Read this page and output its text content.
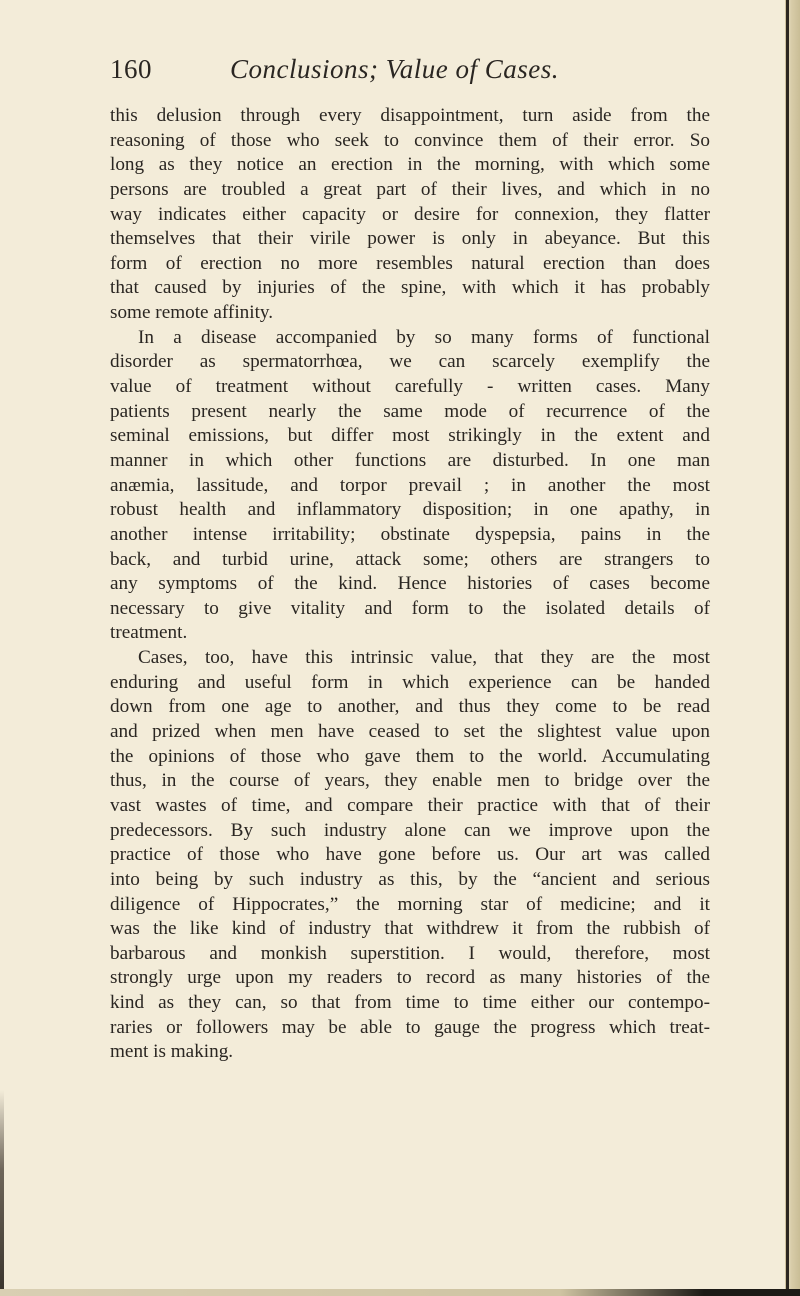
160	Conclusions; Value of Cases.
this delusion through every disappointment, turn aside from the
reasoning of those who seek to convince them of their error. So
long as they notice an erection in the morning, with which some
persons are troubled a great part of their lives, and which in no
way indicates either capacity or desire for connexion, they flatter
themselves that their virile power is only in abeyance. But this
form of erection no more resembles natural erection than does
that caused by injuries of the spine, with which it has probably
some remote affinity.
In a disease accompanied by so many forms of functional
disorder as spermatorrhœa, we can scarcely exemplify the
value of treatment without carefully - written cases. Many
patients present nearly the same mode of recurrence of the
seminal emissions, but differ most strikingly in the extent and
manner in which other functions are disturbed. In one man
anæmia, lassitude, and torpor prevail ; in another the most
robust health and inflammatory disposition; in one apathy, in
another intense irritability; obstinate dyspepsia, pains in the
back, and turbid urine, attack some; others are strangers to
any symptoms of the kind. Hence histories of cases become
necessary to give vitality and form to the isolated details of
treatment.
Cases, too, have this intrinsic value, that they are the most
enduring and useful form in which experience can be handed
down from one age to another, and thus they come to be read
and prized when men have ceased to set the slightest value upon
the opinions of those who gave them to the world. Accumulating
thus, in the course of years, they enable men to bridge over the
vast wastes of time, and compare their practice with that of their
predecessors. By such industry alone can we improve upon the
practice of those who have gone before us. Our art was called
into being by such industry as this, by the “ancient and serious
diligence of Hippocrates,” the morning star of medicine; and it
was the like kind of industry that withdrew it from the rubbish of
barbarous and monkish superstition. I would, therefore, most
strongly urge upon my readers to record as many histories of the
kind as they can, so that from time to time either our contempo-
raries or followers may be able to gauge the progress which treat-
ment is making.
